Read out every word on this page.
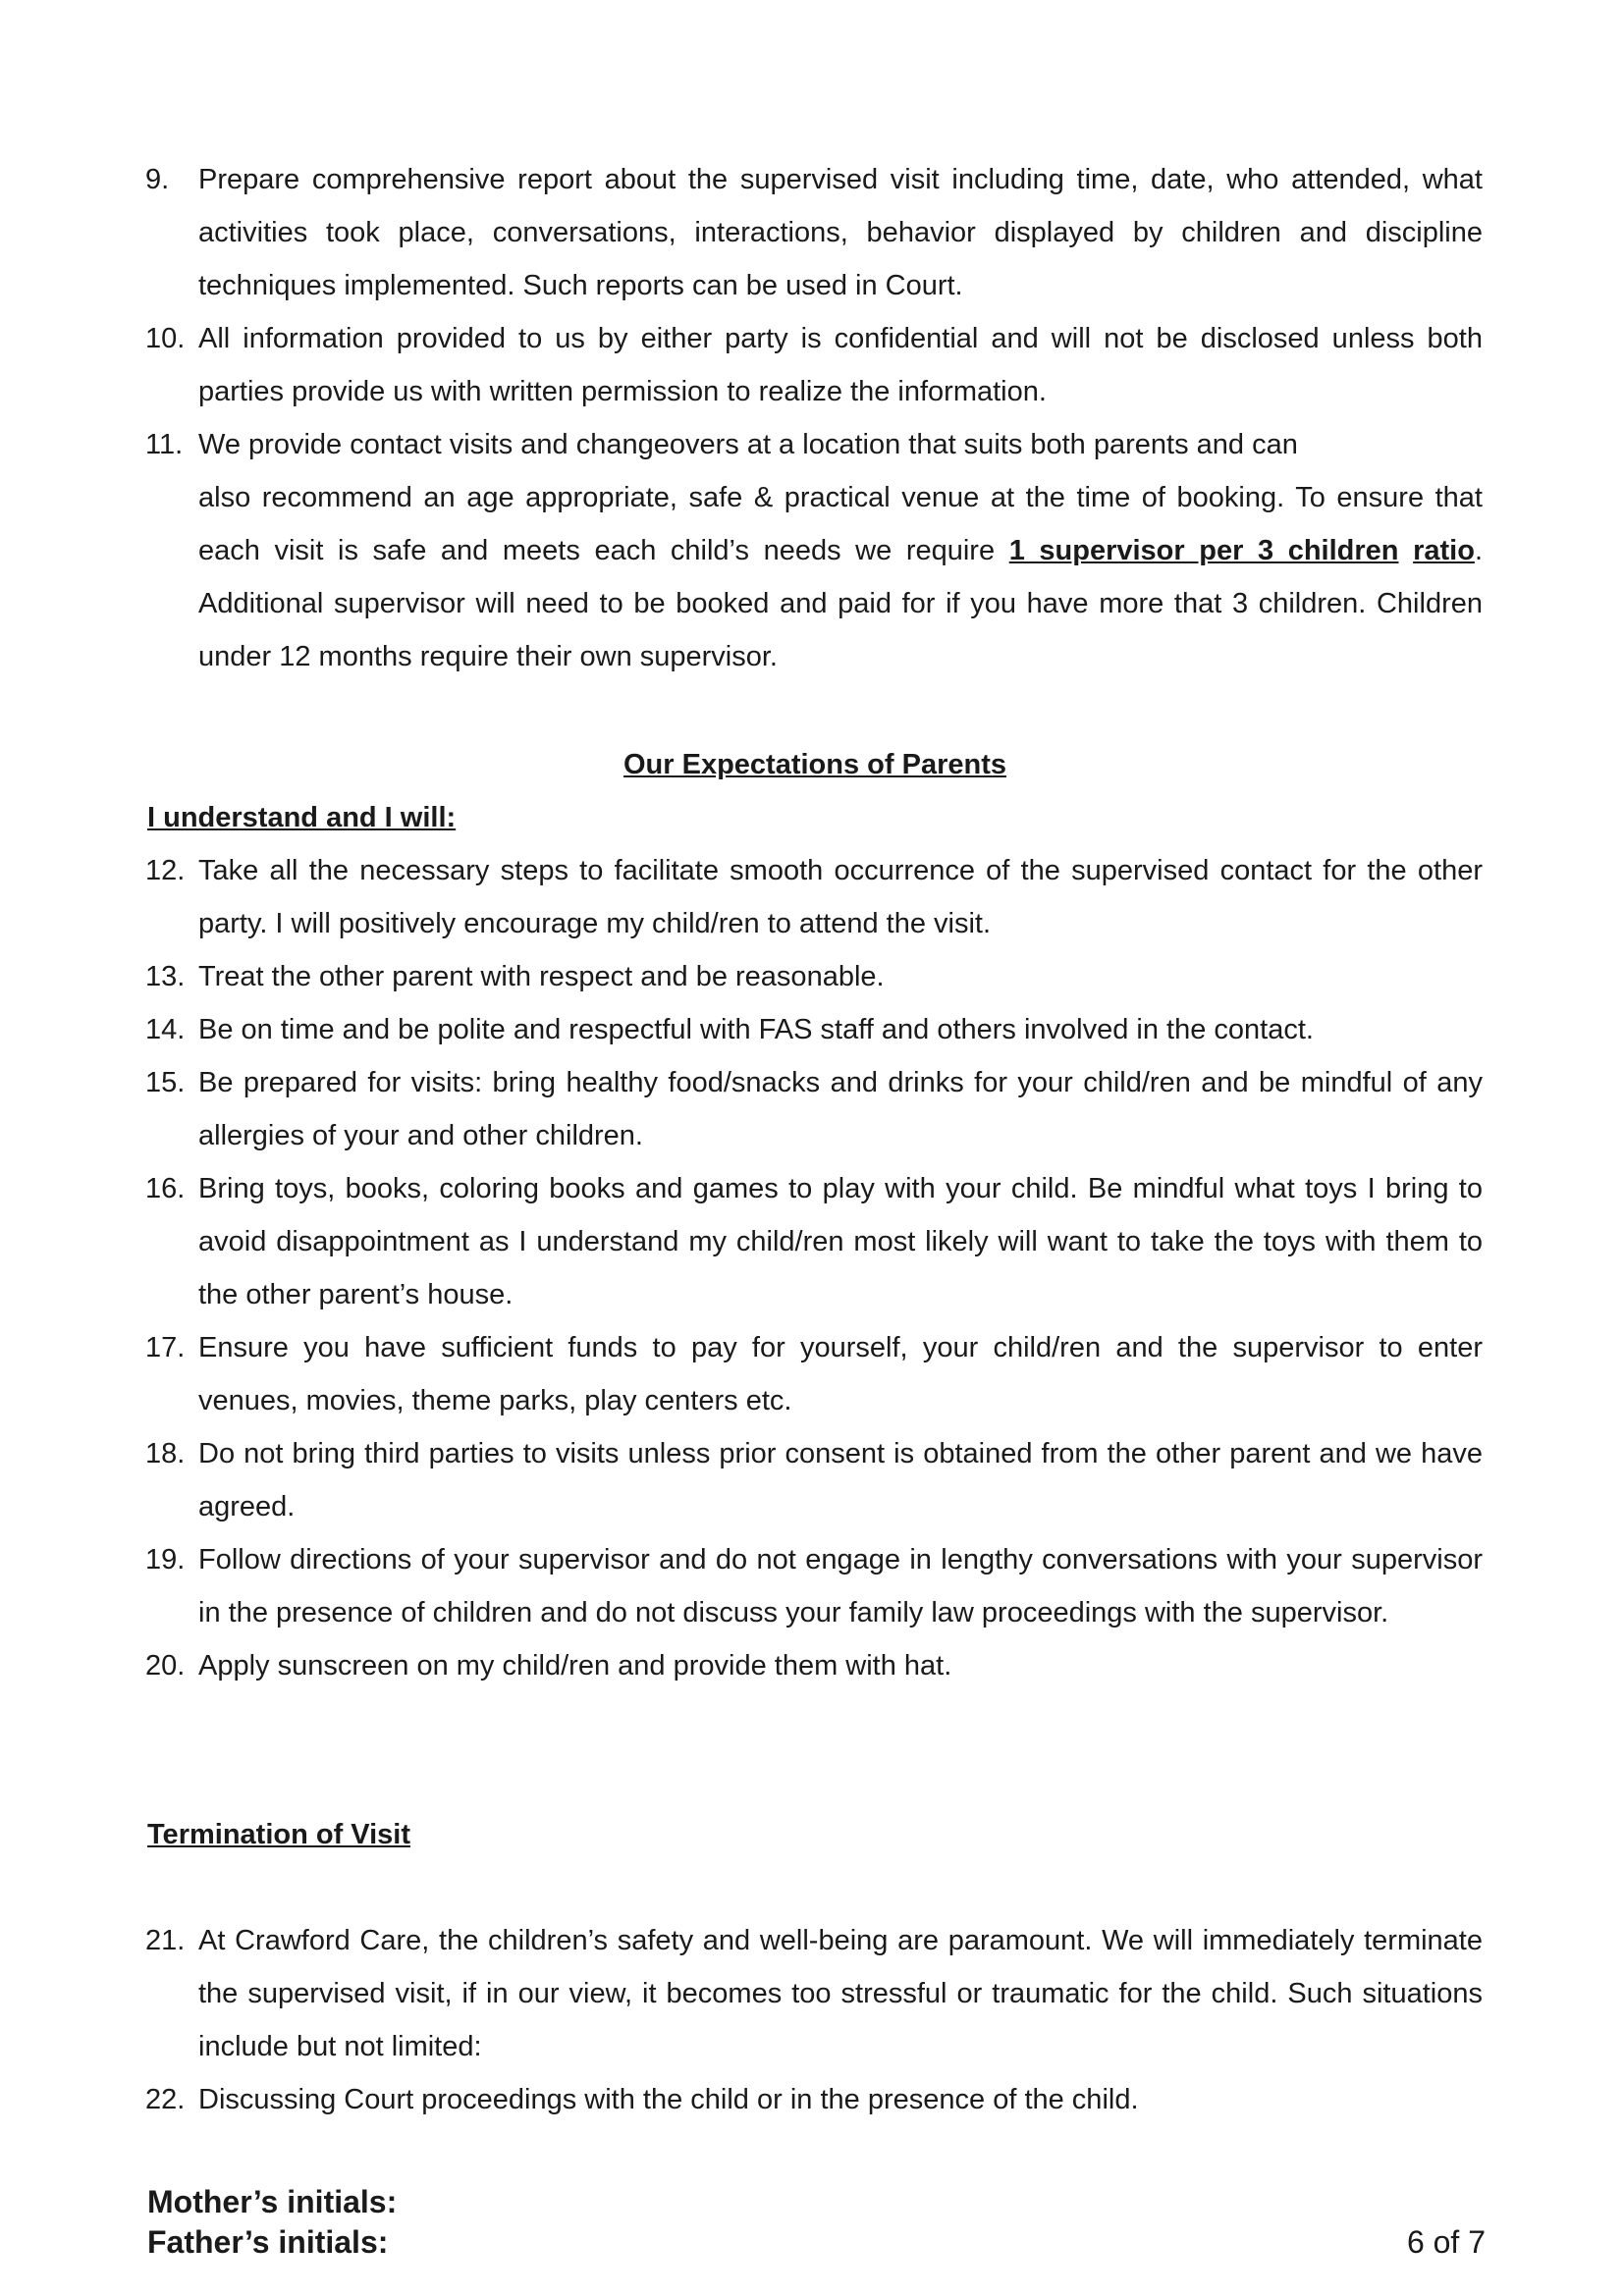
9. Prepare comprehensive report about the supervised visit including time, date, who attended, what activities took place, conversations, interactions, behavior displayed by children and discipline techniques implemented. Such reports can be used in Court.
10. All information provided to us by either party is confidential and will not be disclosed unless both parties provide us with written permission to realize the information.
11. We provide contact visits and changeovers at a location that suits both parents and can
also recommend an age appropriate, safe & practical venue at the time of booking. To ensure that each visit is safe and meets each child’s needs we require 1 supervisor per 3 children ratio. Additional supervisor will need to be booked and paid for if you have more that 3 children. Children under 12 months require their own supervisor.
Our Expectations of Parents
I understand and I will:
12. Take all the necessary steps to facilitate smooth occurrence of the supervised contact for the other party. I will positively encourage my child/ren to attend the visit.
13. Treat the other parent with respect and be reasonable.
14. Be on time and be polite and respectful with FAS staff and others involved in the contact.
15. Be prepared for visits: bring healthy food/snacks and drinks for your child/ren and be mindful of any allergies of your and other children.
16. Bring toys, books, coloring books and games to play with your child. Be mindful what toys I bring to avoid disappointment as I understand my child/ren most likely will want to take the toys with them to the other parent’s house.
17. Ensure you have sufficient funds to pay for yourself, your child/ren and the supervisor to enter venues, movies, theme parks, play centers etc.
18. Do not bring third parties to visits unless prior consent is obtained from the other parent and we have agreed.
19. Follow directions of your supervisor and do not engage in lengthy conversations with your supervisor in the presence of children and do not discuss your family law proceedings with the supervisor.
20. Apply sunscreen on my child/ren and provide them with hat.
Termination of Visit
21. At Crawford Care, the children’s safety and well-being are paramount. We will immediately terminate the supervised visit, if in our view, it becomes too stressful or traumatic for the child. Such situations include but not limited:
22. Discussing Court proceedings with the child or in the presence of the child.
Mother’s initials:
Father’s initials:	6 of 7
